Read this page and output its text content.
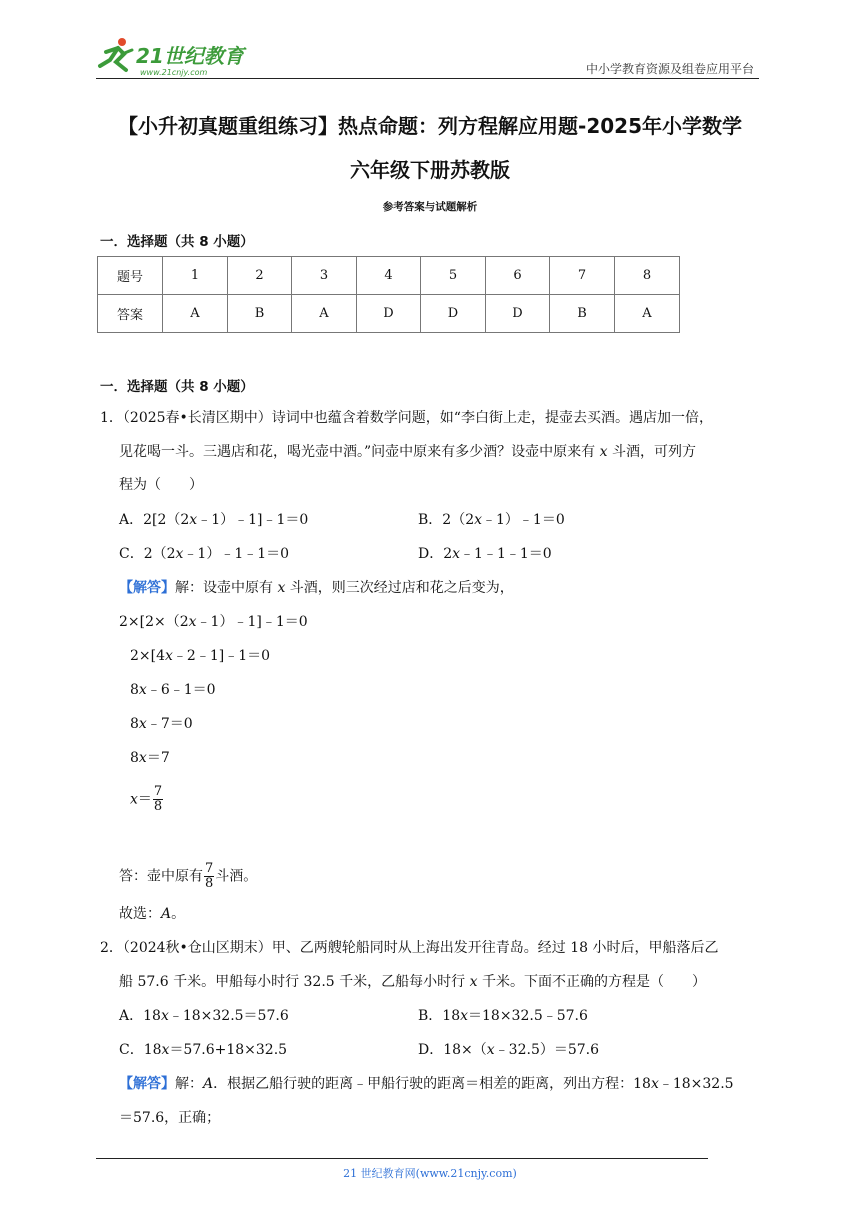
21世纪教育
www.21cnjy.com	中小学教育资源及组卷应用平台
【小升初真题重组练习】热点命题：列方程解应用题-2025年小学数学
六年级下册苏教版
参考答案与试题解析
一．选择题（共 8 小题）
题号	1	2	3	4	5	6	7	8
答案	A	B	A	D	D	D	B	A
一．选择题（共 8 小题）
1．（2025春•长清区期中）诗词中也蕴含着数学问题，如“李白街上走，提壶去买酒。遇店加一倍，
见花喝一斗。三遇店和花，喝光壶中酒。”问壶中原来有多少酒？设壶中原来有 x 斗酒，可列方
程为（　　）
A．2[2（2x﹣1）﹣1]﹣1＝0	B．2（2x﹣1）﹣1＝0
C．2（2x﹣1）﹣1﹣1＝0	D．2x﹣1﹣1﹣1＝0
【解答】解：设壶中原有 x 斗酒，则三次经过店和花之后变为，
2×[2×（2x﹣1）﹣1]﹣1＝0
2×[4x﹣2﹣1]﹣1＝0
8x﹣6﹣1＝0
8x﹣7＝0
8x＝7
$x= \frac{7}{8}$
答：壶中原有 $\frac{7}{8}$ 斗酒。
故选：A。
2．（2024秋•仓山区期末）甲、乙两艘轮船同时从上海出发开往青岛。经过 18 小时后，甲船落后乙
船 57.6 千米。甲船每小时行 32.5 千米，乙船每小时行 x 千米。下面不正确的方程是（　　）
A．18x﹣18×32.5＝57.6	B．18x＝18×32.5﹣57.6
C．18x＝57.6+18×32.5	D．18×（x﹣32.5）＝57.6
【解答】解：A．根据乙船行驶的距离﹣甲船行驶的距离＝相差的距离，列出方程：18x﹣18×32.5
＝57.6，正确；
21 世纪教育网(www.21cnjy.com)
